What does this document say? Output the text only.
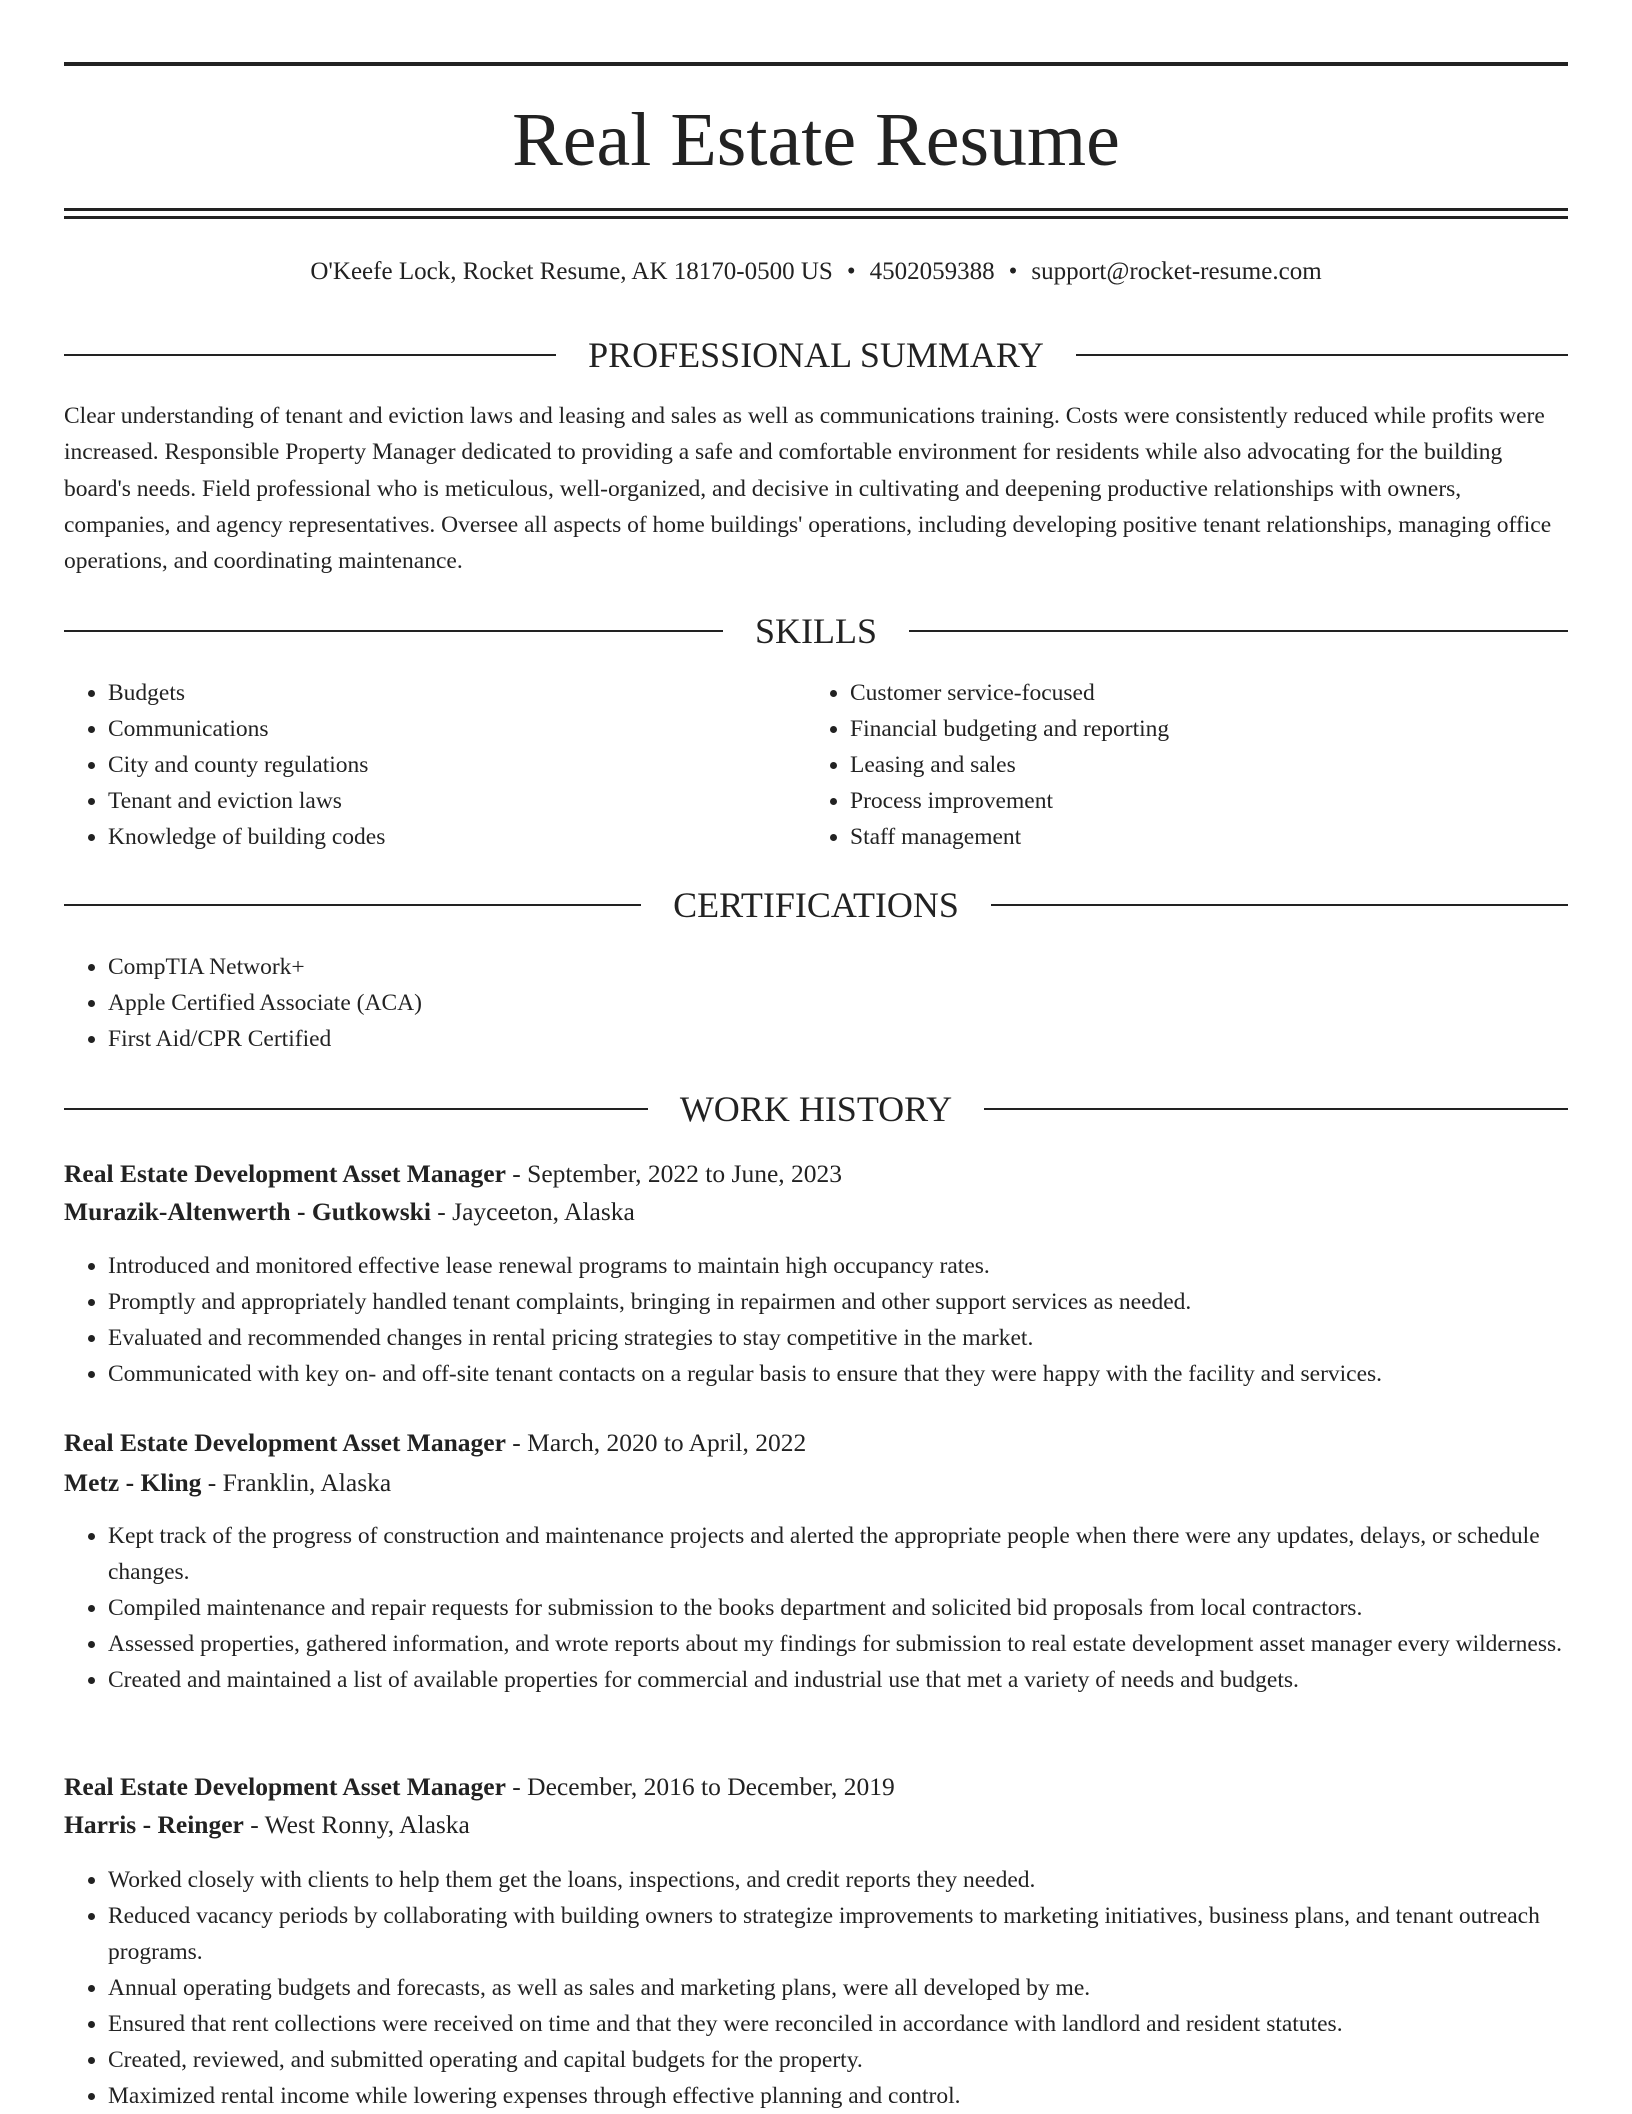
Real Estate Resume
O'Keefe Lock, Rocket Resume, AK 18170-0500 US • 4502059388 • support@rocket-resume.com
PROFESSIONAL SUMMARY

Clear understanding of tenant and eviction laws and leasing and sales as well as communications training. Costs were consistently reduced while profits were increased. Responsible Property Manager dedicated to providing a safe and comfortable environment for residents while also advocating for the building board's needs. Field professional who is meticulous, well-organized, and decisive in cultivating and deepening productive relationships with owners, companies, and agency representatives. Oversee all aspects of home buildings' operations, including developing positive tenant relationships, managing office operations, and coordinating maintenance.

SKILLS
• Budgets
• Communications
• City and county regulations
• Tenant and eviction laws
• Knowledge of building codes
• Customer service-focused
• Financial budgeting and reporting
• Leasing and sales
• Process improvement
• Staff management
CERTIFICATIONS
• CompTIA Network+
• Apple Certified Associate (ACA)
• First Aid/CPR Certified
WORK HISTORY
Real Estate Development Asset Manager - September, 2022 to June, 2023
Murazik-Altenwerth - Gutkowski - Jayceeton, Alaska
• Introduced and monitored effective lease renewal programs to maintain high occupancy rates.
• Promptly and appropriately handled tenant complaints, bringing in repairmen and other support services as needed.
• Evaluated and recommended changes in rental pricing strategies to stay competitive in the market.
• Communicated with key on- and off-site tenant contacts on a regular basis to ensure that they were happy with the facility and services.
Real Estate Development Asset Manager - March, 2020 to April, 2022
Metz - Kling - Franklin, Alaska
• Kept track of the progress of construction and maintenance projects and alerted the appropriate people when there were any updates, delays, or schedule changes.
• Compiled maintenance and repair requests for submission to the books department and solicited bid proposals from local contractors.
• Assessed properties, gathered information, and wrote reports about my findings for submission to real estate development asset manager every wilderness.
• Created and maintained a list of available properties for commercial and industrial use that met a variety of needs and budgets.
Real Estate Development Asset Manager - December, 2016 to December, 2019
Harris - Reinger - West Ronny, Alaska
• Worked closely with clients to help them get the loans, inspections, and credit reports they needed.
• Reduced vacancy periods by collaborating with building owners to strategize improvements to marketing initiatives, business plans, and tenant outreach programs.
• Annual operating budgets and forecasts, as well as sales and marketing plans, were all developed by me.
• Ensured that rent collections were received on time and that they were reconciled in accordance with landlord and resident statutes.
• Created, reviewed, and submitted operating and capital budgets for the property.
• Maximized rental income while lowering expenses through effective planning and control.
